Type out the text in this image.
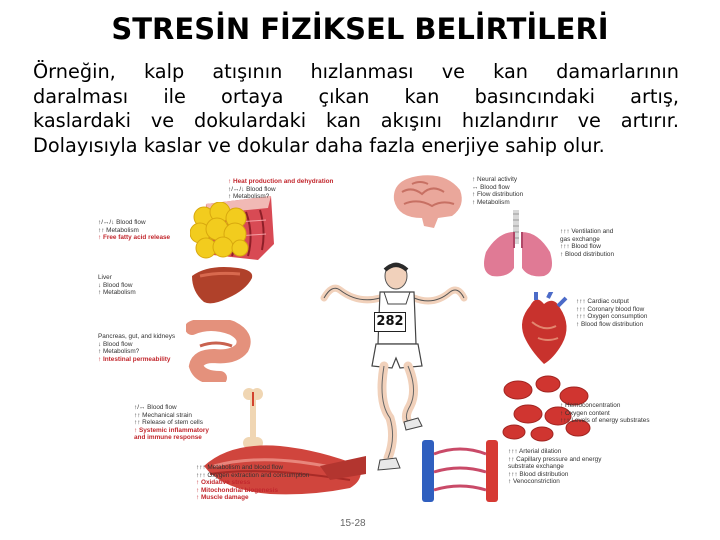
STRESİN FİZİKSEL BELİRTİLERİ
Örneğin, kalp atışının hızlanması ve kan damarlarının
daralması ile ortaya çıkan kan basıncındaki artış,
kaslardaki ve dokulardaki kan akışını hızlandırır ve artırır.
Dolayısıyla kaslar ve dokular daha fazla enerjiye sahip olur.
282
↑ Heat production and dehydration
↑/↔/↓ Blood flow
↑ Metabolism?
↑/↔/↓ Blood flow
↑↑ Metabolism
↑ Free fatty acid release
Liver
↓ Blood flow
↑ Metabolism
Pancreas, gut, and kidneys
↓ Blood flow
↑ Metabolism?
↑ Intestinal permeability
↑/↔ Blood flow
↑↑ Mechanical strain
↑↑ Release of stem cells
↑ Systemic inflammatory
and immune response
↑↑↑ Metabolism and blood flow
↑↑↑ Oxygen extraction and consumption
↑ Oxidative stress
↑ Mitochondrial biogenesis
↑ Muscle damage
↑ Neural activity
↔ Blood flow
↑ Flow distribution
↑ Metabolism
↑↑↑ Ventilation and
gas exchange
↑↑↑ Blood flow
↑ Blood distribution
↑↑↑ Cardiac output
↑↑↑ Coronary blood flow
↑↑↑ Oxygen consumption
↑ Blood flow distribution
↑ Hemoconcentration
↑ Oxygen content
↑↑↑ Levels of energy substrates
↑↑↑ Arterial dilation
↑↑ Capillary pressure and energy
substrate exchange
↑↑↑ Blood distribution
↑ Venoconstriction
15-28
